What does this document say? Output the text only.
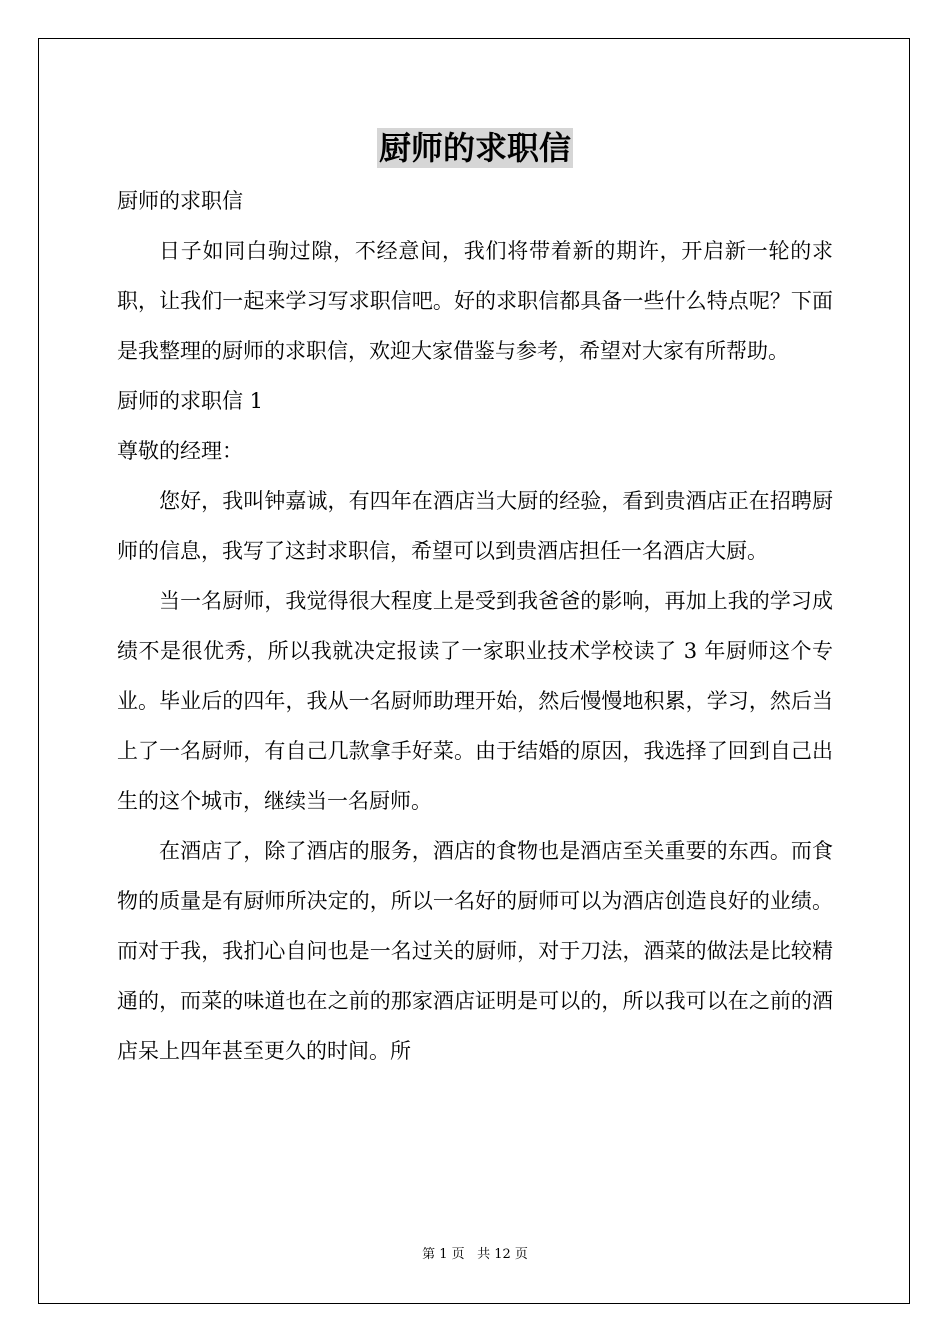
厨师的求职信

厨师的求职信

日子如同白驹过隙，不经意间，我们将带着新的期许，开启新一轮的求职，让我们一起来学习写求职信吧。好的求职信都具备一些什么特点呢？下面是我整理的厨师的求职信，欢迎大家借鉴与参考，希望对大家有所帮助。

厨师的求职信 1

尊敬的经理：

您好，我叫钟嘉诚，有四年在酒店当大厨的经验，看到贵酒店正在招聘厨师的信息，我写了这封求职信，希望可以到贵酒店担任一名酒店大厨。

当一名厨师，我觉得很大程度上是受到我爸爸的影响，再加上我的学习成绩不是很优秀，所以我就决定报读了一家职业技术学校读了 3 年厨师这个专业。毕业后的四年，我从一名厨师助理开始，然后慢慢地积累，学习，然后当上了一名厨师，有自己几款拿手好菜。由于结婚的原因，我选择了回到自己出生的这个城市，继续当一名厨师。

在酒店了，除了酒店的服务，酒店的食物也是酒店至关重要的东西。而食物的质量是有厨师所决定的，所以一名好的厨师可以为酒店创造良好的业绩。而对于我，我扪心自问也是一名过关的厨师，对于刀法，酒菜的做法是比较精通的，而菜的味道也在之前的那家酒店证明是可以的，所以我可以在之前的酒店呆上四年甚至更久的时间。所

第 1 页 共 12 页
